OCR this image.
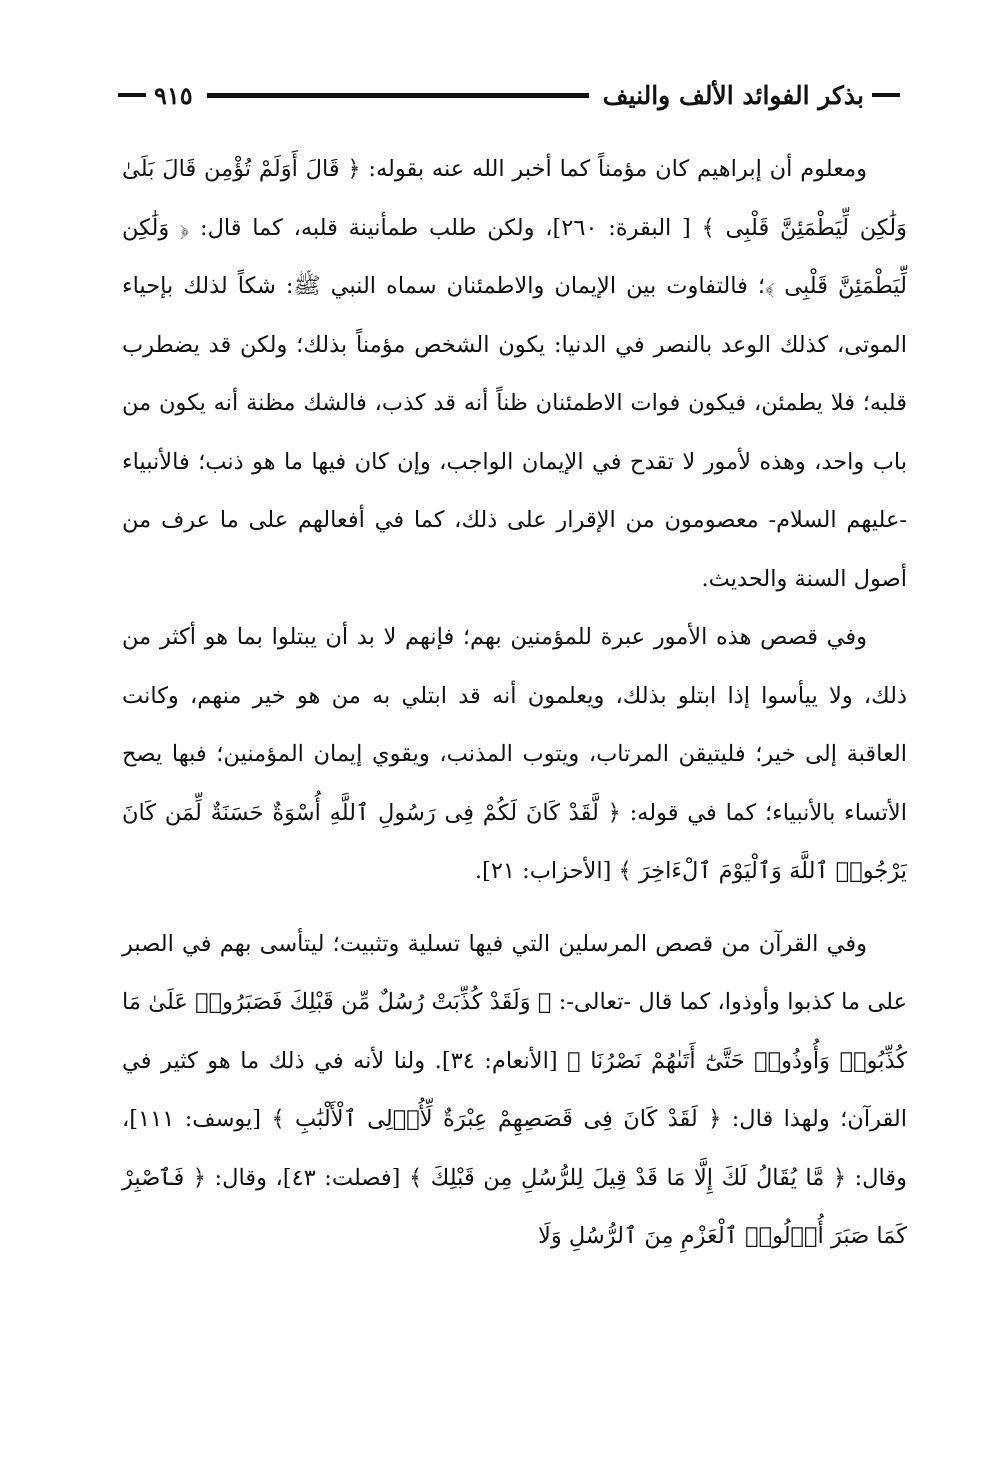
بذكر الفوائد الألف والنيف
٩١٥

ومعلوم أن إبراهيم كان مؤمناً كما أخبر الله عنه بقوله: ﴿ قَالَ أَوَلَمْ تُؤْمِن قَالَ بَلَىٰ وَلَٰكِن لِّيَطْمَئِنَّ قَلْبِى ﴾ [ البقرة: ٢٦٠]، ولكن طلب طمأنينة قلبه، كما قال: ﴿ وَلَٰكِن لِّيَطْمَئِنَّ قَلْبِى ﴾؛ فالتفاوت بين الإيمان والاطمئنان سماه النبي ﷺ: شكاً لذلك بإحياء الموتى، كذلك الوعد بالنصر في الدنيا: يكون الشخص مؤمناً بذلك؛ ولكن قد يضطرب قلبه؛ فلا يطمئن، فيكون فوات الاطمئنان ظناً أنه قد كذب، فالشك مظنة أنه يكون من باب واحد، وهذه لأمور لا تقدح في الإيمان الواجب، وإن كان فيها ما هو ذنب؛ فالأنبياء -عليهم السلام- معصومون من الإقرار على ذلك، كما في أفعالهم على ما عرف من أصول السنة والحديث.

وفي قصص هذه الأمور عبرة للمؤمنين بهم؛ فإنهم لا بد أن يبتلوا بما هو أكثر من ذلك، ولا ييأسوا إذا ابتلو بذلك، ويعلمون أنه قد ابتلي به من هو خير منهم، وكانت العاقبة إلى خير؛ فليتيقن المرتاب، ويتوب المذنب، ويقوي إيمان المؤمنين؛ فبها يصح الأتساء بالأنبياء؛ كما في قوله: ﴿ لَّقَدْ كَانَ لَكُمْ فِى رَسُولِ ٱللَّهِ أُسْوَةٌ حَسَنَةٌ لِّمَن كَانَ يَرْجُوا۟ ٱللَّهَ وَٱلْيَوْمَ ٱلْءَاخِرَ ﴾ [الأحزاب: ٢١].

وفي القرآن من قصص المرسلين التي فيها تسلية وتثبيت؛ ليتأسى بهم في الصبر على ما كذبوا وأوذوا، كما قال -تعالى-: ﴿ وَلَقَدْ كُذِّبَتْ رُسُلٌ مِّن قَبْلِكَ فَصَبَرُوا۟ عَلَىٰ مَا كُذِّبُوا۟ وَأُوذُوا۟ حَتَّىٰٓ أَتَىٰهُمْ نَصْرُنَا ﴾ [الأنعام: ٣٤]. ولنا لأنه في ذلك ما هو كثير في القرآن؛ ولهذا قال: ﴿ لَقَدْ كَانَ فِى قَصَصِهِمْ عِبْرَةٌ لِّأُو۟لِى ٱلْأَلْبَٰبِ ﴾ [يوسف: ١١١]، وقال: ﴿ مَّا يُقَالُ لَكَ إِلَّا مَا قَدْ قِيلَ لِلرُّسُلِ مِن قَبْلِكَ ﴾ [فصلت: ٤٣]، وقال: ﴿ فَٱصْبِرْ كَمَا صَبَرَ أُو۟لُوا۟ ٱلْعَزْمِ مِنَ ٱلرُّسُلِ وَلَا
